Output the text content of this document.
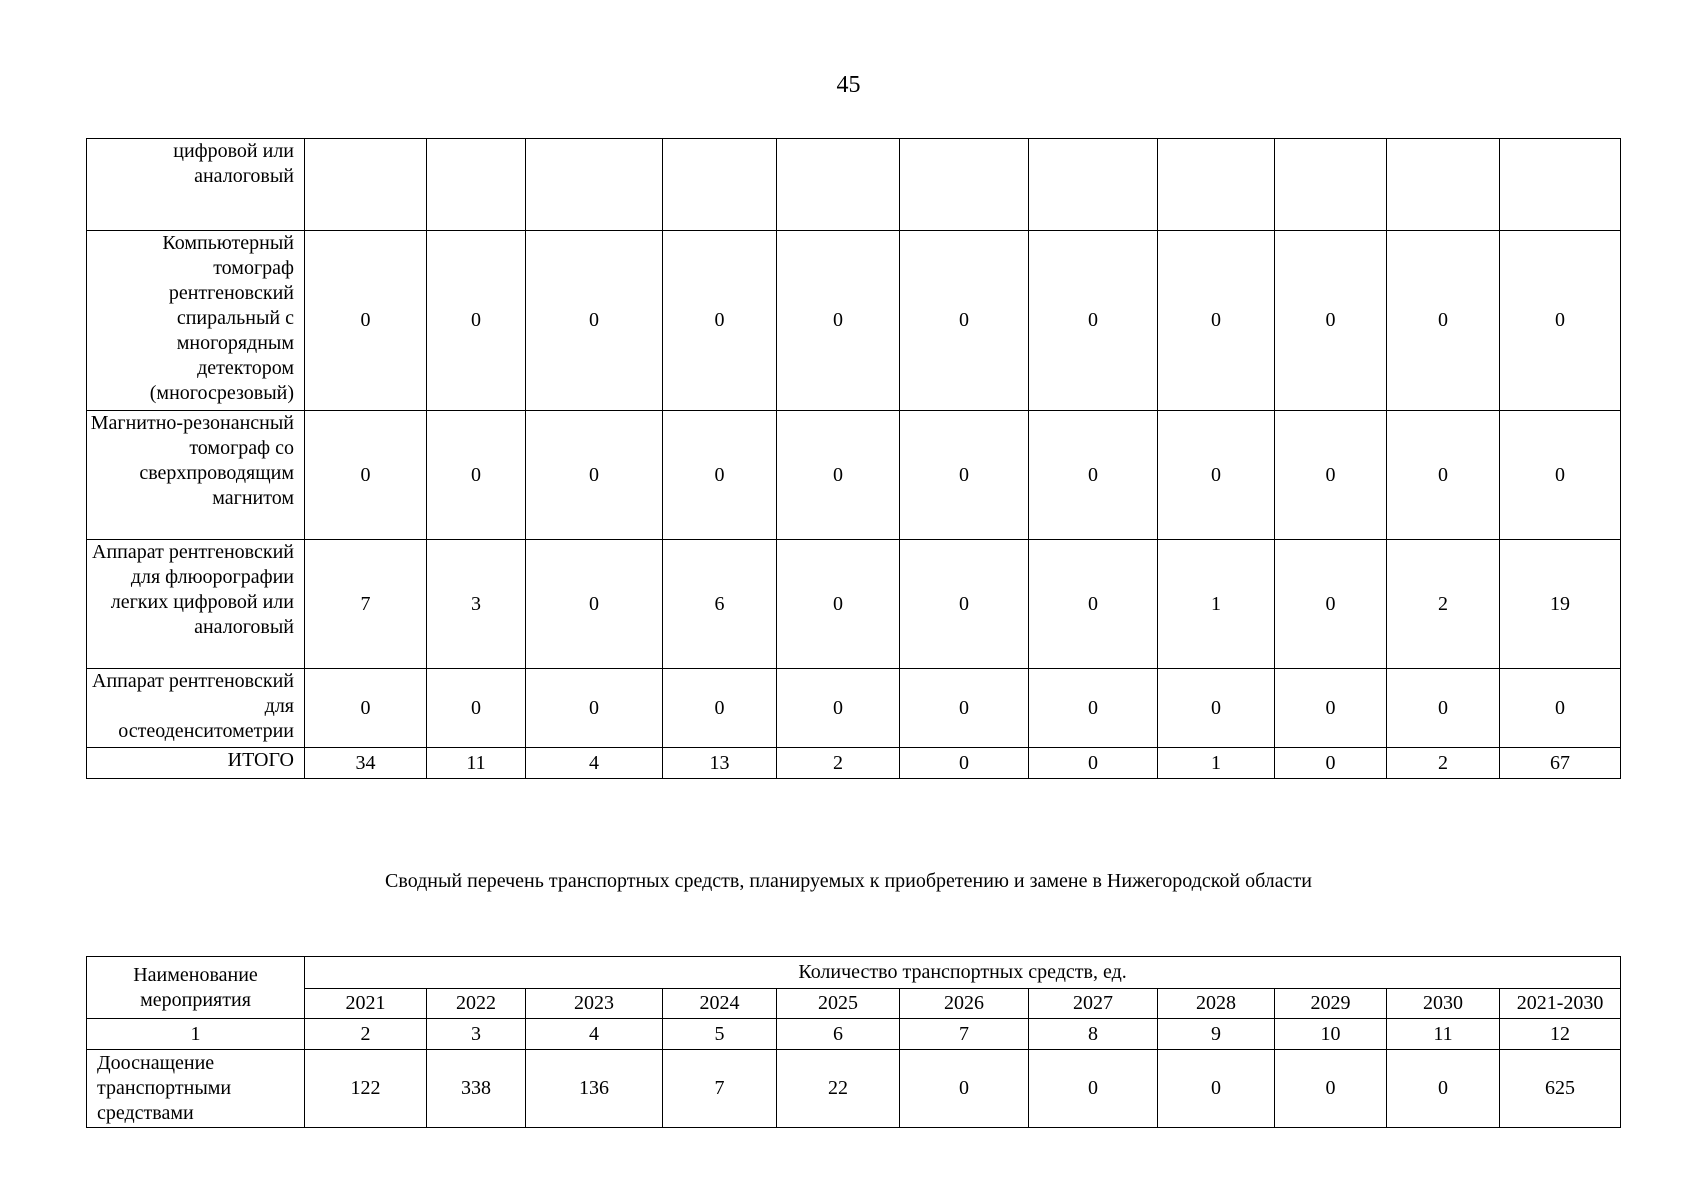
45
цифровой или аналоговый											
Компьютерный томограф рентгеновский спиральный с многорядным детектором (многосрезовый)	0	0	0	0	0	0	0	0	0	0	0
Магнитно-резонансный томограф со сверхпроводящим магнитом	0	0	0	0	0	0	0	0	0	0	0
Аппарат рентгеновский для флюорографии легких цифровой или аналоговый	7	3	0	6	0	0	0	1	0	2	19
Аппарат рентгеновский для остеоденситометрии	0	0	0	0	0	0	0	0	0	0	0
ИТОГО	34	11	4	13	2	0	0	1	0	2	67
Сводный перечень транспортных средств, планируемых к приобретению и замене в Нижегородской области
Наименование мероприятия	Количество транспортных средств, ед.										
	2021	2022	2023	2024	2025	2026	2027	2028	2029	2030	2021-2030
1	2	3	4	5	6	7	8	9	10	11	12
Дооснащение транспортными средствами	122	338	136	7	22	0	0	0	0	0	625
